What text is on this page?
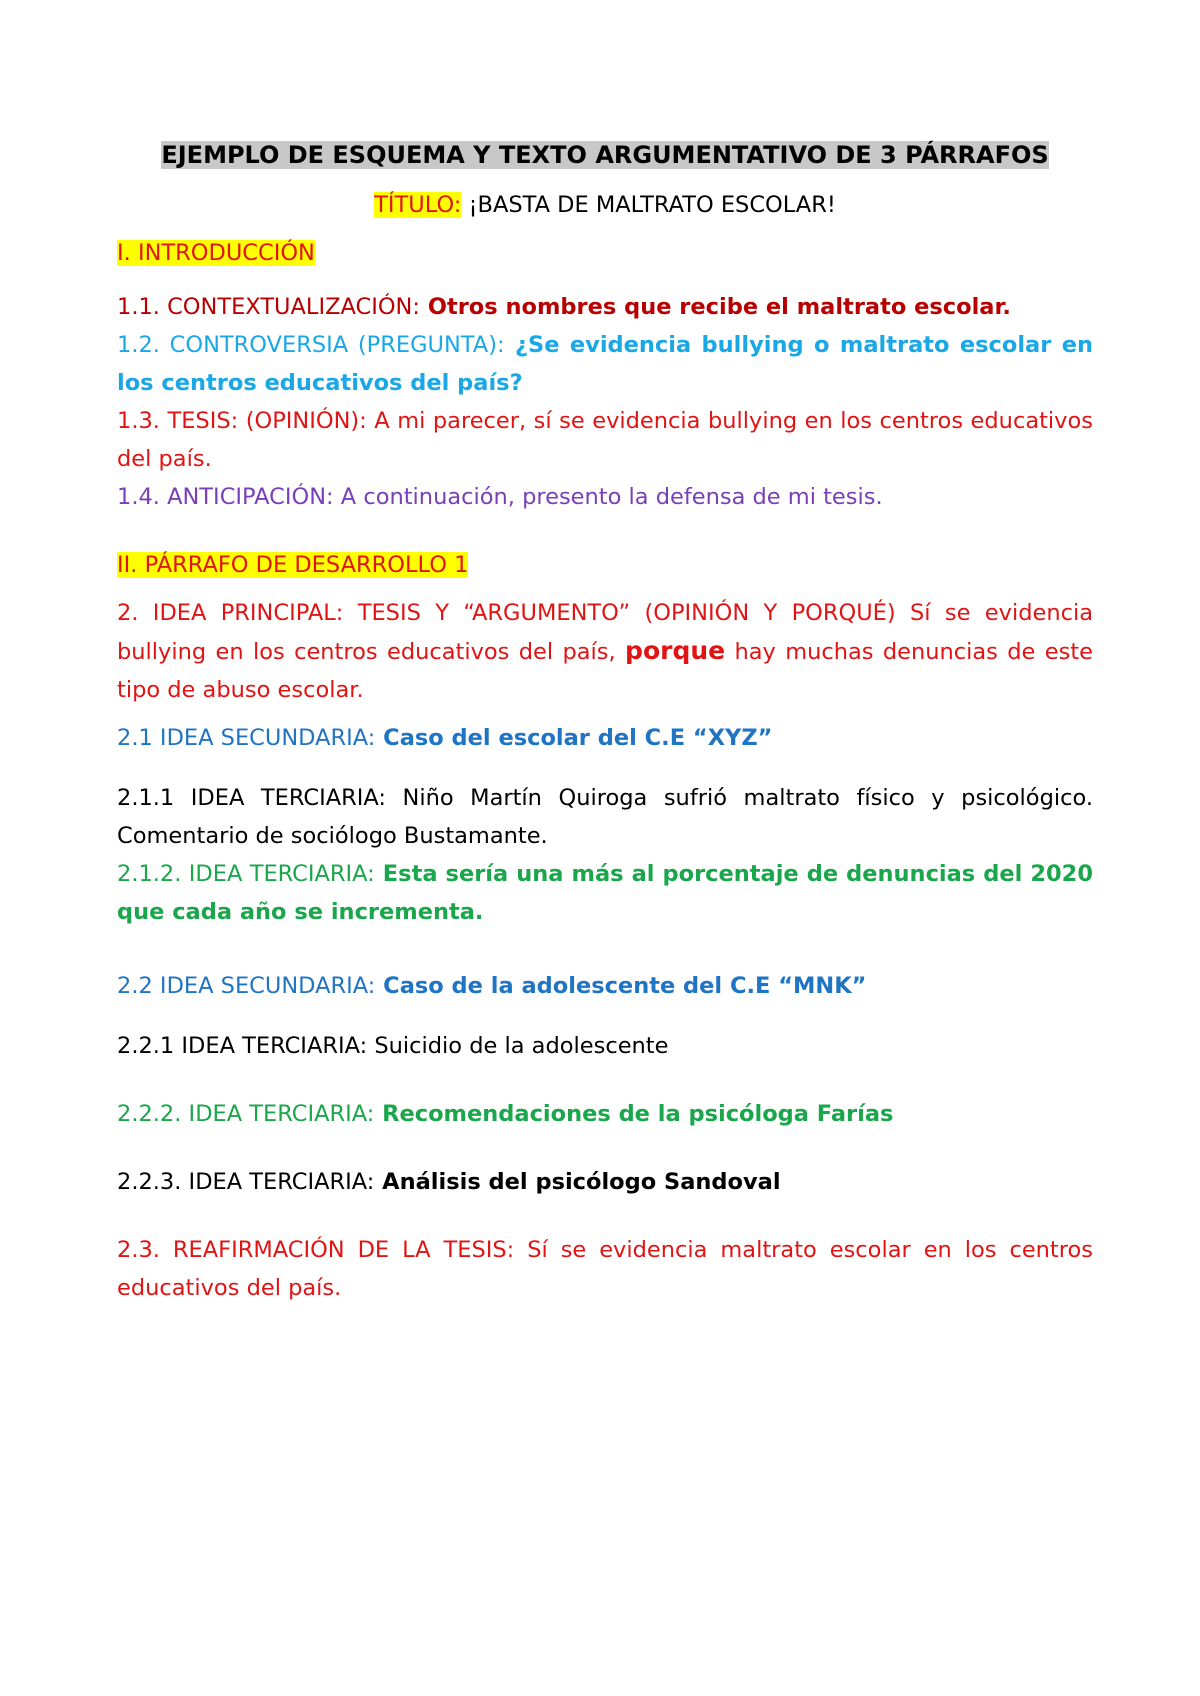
EJEMPLO DE ESQUEMA Y TEXTO ARGUMENTATIVO DE 3 PÁRRAFOS

TÍTULO: ¡BASTA DE MALTRATO ESCOLAR!

I. INTRODUCCIÓN

1.1. CONTEXTUALIZACIÓN: Otros nombres que recibe el maltrato escolar.

1.2. CONTROVERSIA (PREGUNTA): ¿Se evidencia bullying o maltrato escolar en los centros educativos del país?

1.3. TESIS: (OPINIÓN): A mi parecer, sí se evidencia bullying en los centros educativos del país.

1.4. ANTICIPACIÓN: A continuación, presento la defensa de mi tesis.

II. PÁRRAFO DE DESARROLLO 1

2. IDEA PRINCIPAL: TESIS Y “ARGUMENTO” (OPINIÓN Y PORQUÉ) Sí se evidencia bullying en los centros educativos del país, porque hay muchas denuncias de este tipo de abuso escolar.

2.1 IDEA SECUNDARIA: Caso del escolar del C.E “XYZ”

2.1.1 IDEA TERCIARIA: Niño Martín Quiroga sufrió maltrato físico y psicológico. Comentario de sociólogo Bustamante.

2.1.2. IDEA TERCIARIA: Esta sería una más al porcentaje de denuncias del 2020 que cada año se incrementa.

2.2 IDEA SECUNDARIA: Caso de la adolescente del C.E “MNK”

2.2.1 IDEA TERCIARIA: Suicidio de la adolescente

2.2.2. IDEA TERCIARIA: Recomendaciones de la psicóloga Farías

2.2.3. IDEA TERCIARIA: Análisis del psicólogo Sandoval

2.3. REAFIRMACIÓN DE LA TESIS: Sí se evidencia maltrato escolar en los centros educativos del país.
